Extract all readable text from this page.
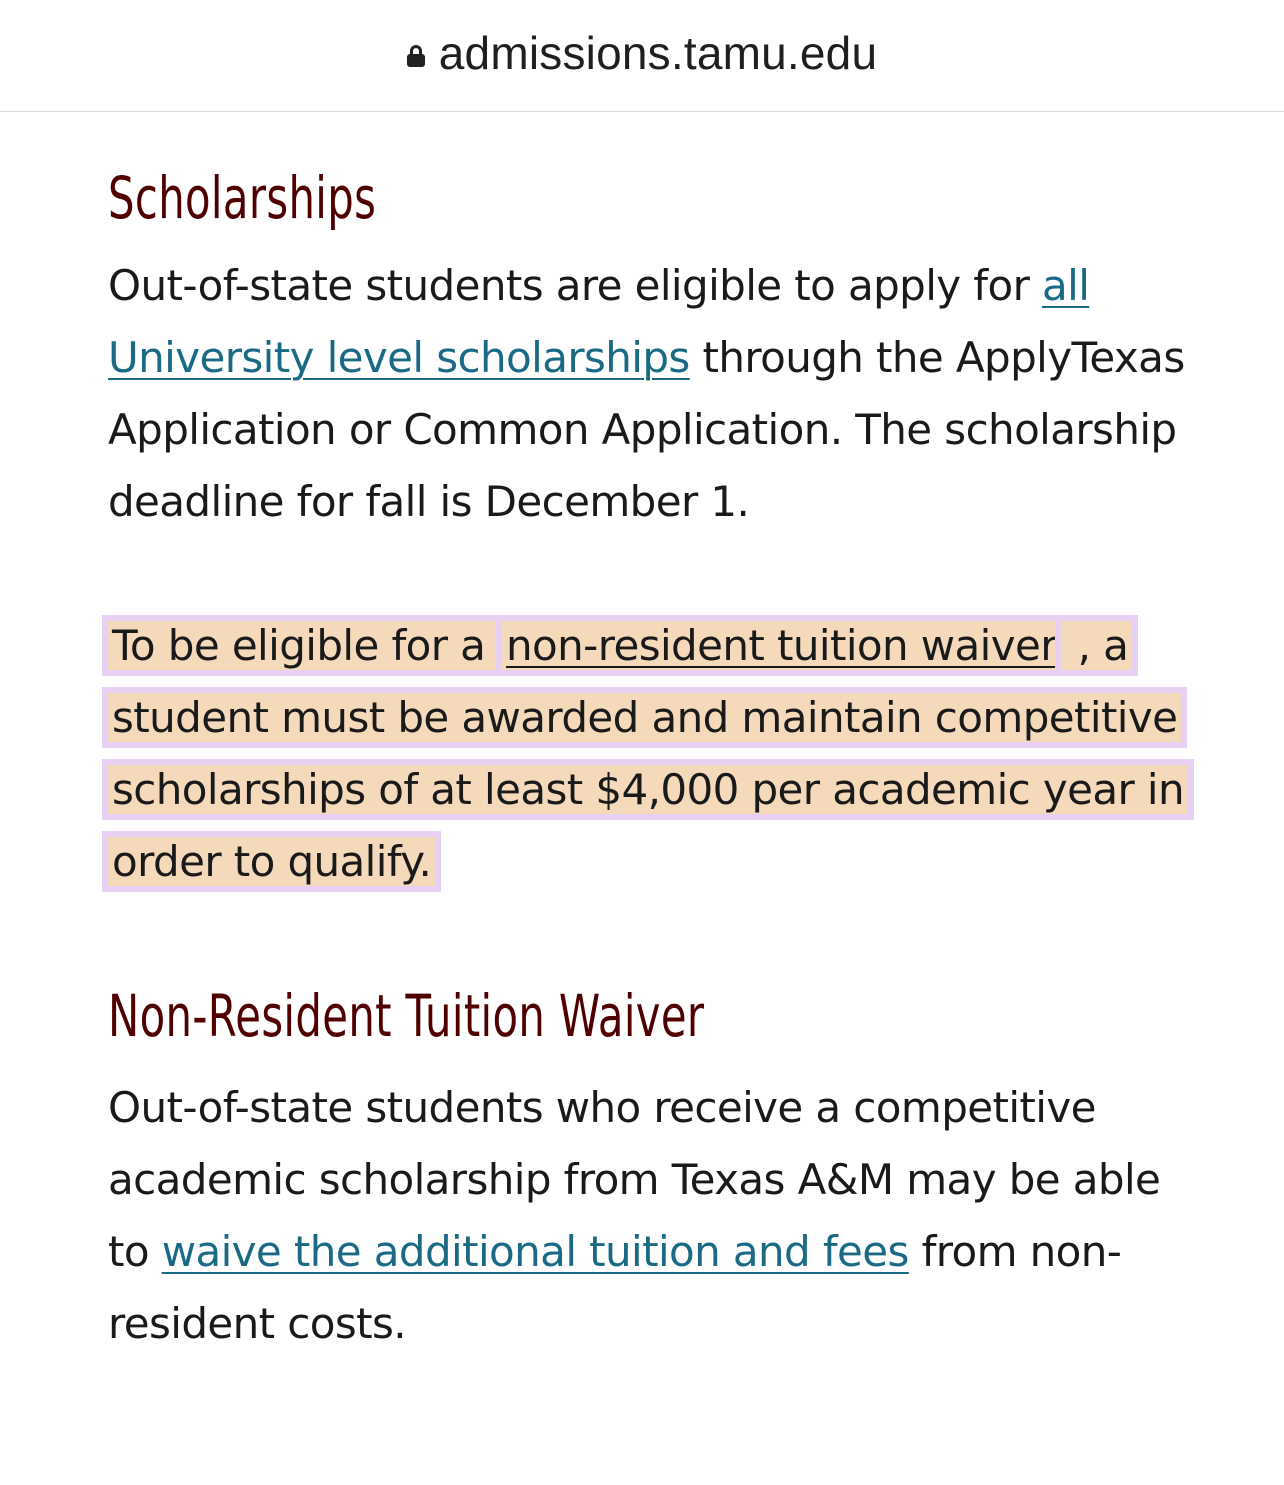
admissions.tamu.edu
Scholarships

Out-of-state students are eligible to apply for all University level scholarships through the ApplyTexas Application or Common Application. The scholarship deadline for fall is December 1.

To be eligible for a non-resident tuition waiver , a student must be awarded and maintain competitive scholarships of at least $4,000 per academic year in order to qualify.

Non-Resident Tuition Waiver

Out-of-state students who receive a competitive academic scholarship from Texas A&M may be able to waive the additional tuition and fees from non-resident costs.
